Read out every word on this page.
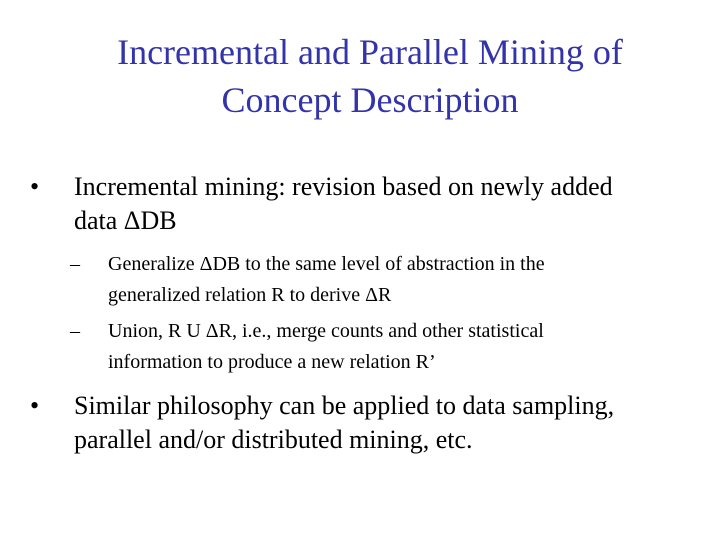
Incremental and Parallel Mining of
Concept Description
•	Incremental mining: revision based on newly added
data ΔDB
–	Generalize ΔDB to the same level of abstraction in the
generalized relation R to derive ΔR
–	Union, R U ΔR, i.e., merge counts and other statistical
information to produce a new relation R’
•	Similar philosophy can be applied to data sampling,
parallel and/or distributed mining, etc.
